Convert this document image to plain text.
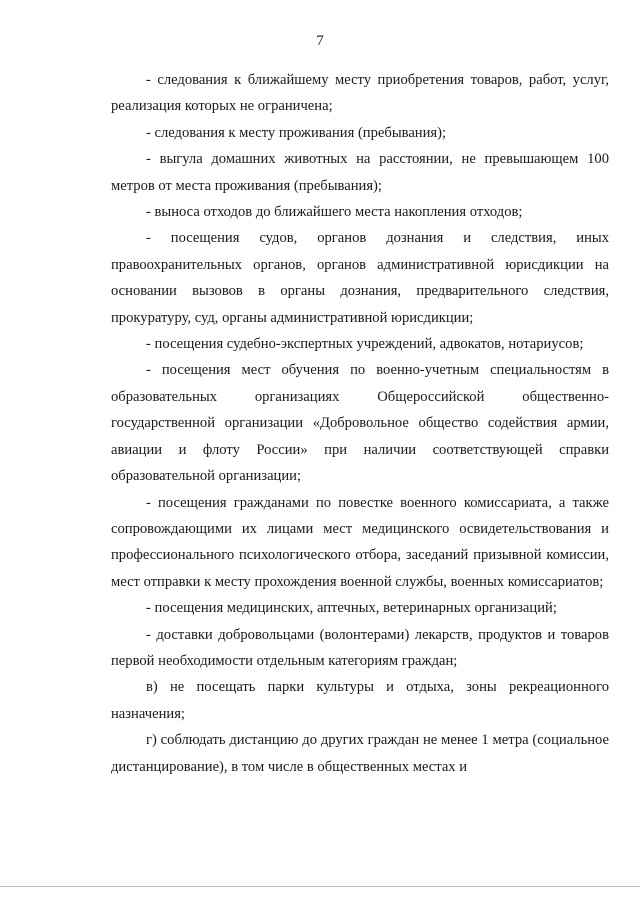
7

- следования к ближайшему месту приобретения товаров, работ, услуг, реализация которых не ограничена;

- следования к месту проживания (пребывания);

- выгула домашних животных на расстоянии, не превышающем 100 метров от места проживания (пребывания);

- выноса отходов до ближайшего места накопления отходов;

- посещения судов, органов дознания и следствия, иных правоохранительных органов, органов административной юрисдикции на основании вызовов в органы дознания, предварительного следствия, прокуратуру, суд, органы административной юрисдикции;

- посещения судебно-экспертных учреждений, адвокатов, нотариусов;

- посещения мест обучения по военно-учетным специальностям в образовательных организациях Общероссийской общественно-государственной организации «Добровольное общество содействия армии, авиации и флоту России» при наличии соответствующей справки образовательной организации;

- посещения гражданами по повестке военного комиссариата, а также сопровождающими их лицами мест медицинского освидетельствования и профессионального психологического отбора, заседаний призывной комиссии, мест отправки к месту прохождения военной службы, военных комиссариатов;

- посещения медицинских, аптечных, ветеринарных организаций;

- доставки добровольцами (волонтерами) лекарств, продуктов и товаров первой необходимости отдельным категориям граждан;

в) не посещать парки культуры и отдыха, зоны рекреационного назначения;

г) соблюдать дистанцию до других граждан не менее 1 метра (социальное дистанцирование), в том числе в общественных местах и
